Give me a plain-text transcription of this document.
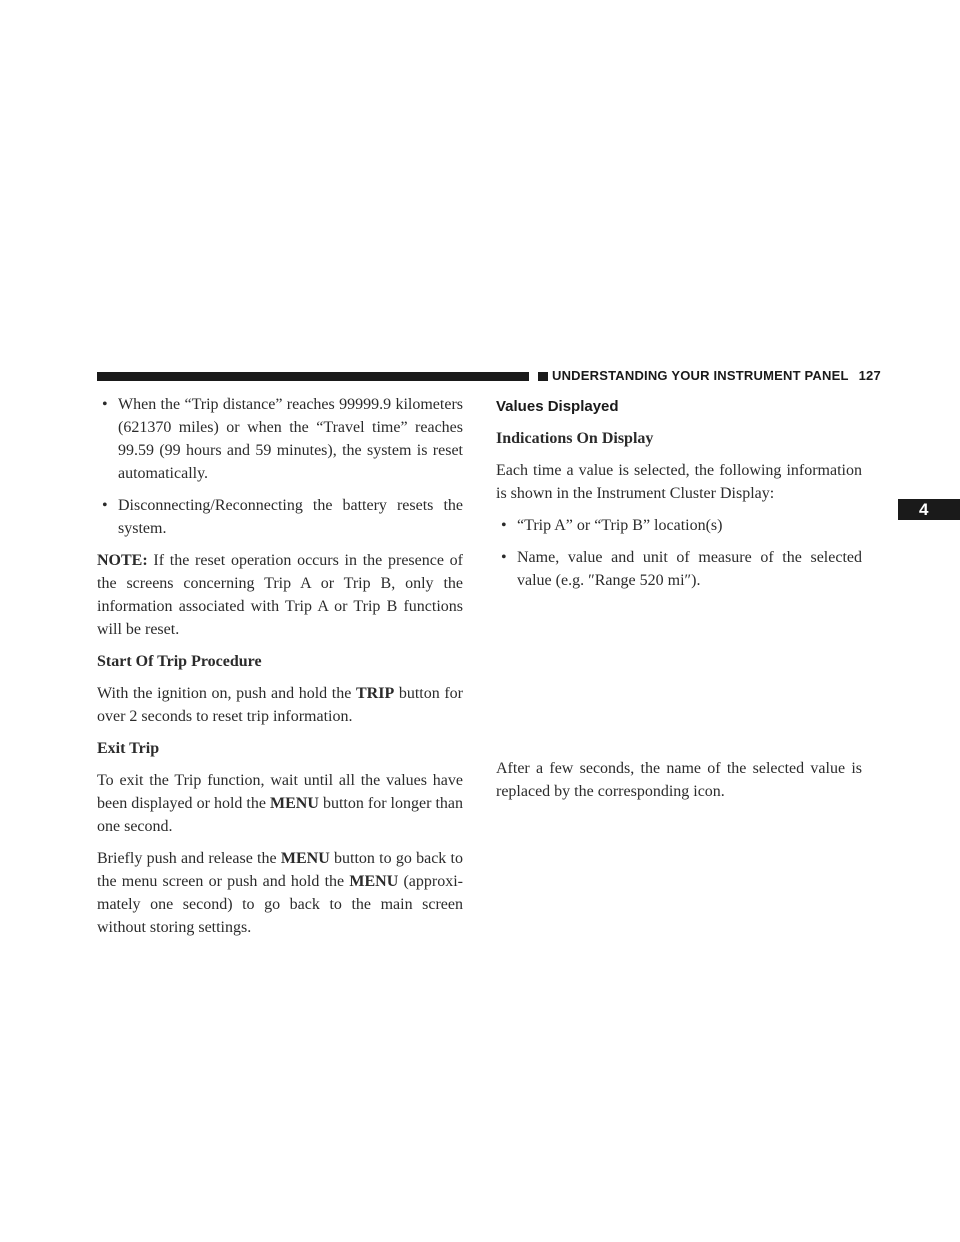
UNDERSTANDING YOUR INSTRUMENT PANEL 127
4
• When the “Trip distance” reaches 99999.9 kilometers (621370 miles) or when the “Travel time” reaches 99.59 (99 hours and 59 minutes), the system is reset automatically.
• Disconnecting/Reconnecting the battery resets the system.

NOTE: If the reset operation occurs in the presence of the screens concerning Trip A or Trip B, only the information associated with Trip A or Trip B functions will be reset.

Start Of Trip Procedure

With the ignition on, push and hold the TRIP button for over 2 seconds to reset trip information.

Exit Trip

To exit the Trip function, wait until all the values have been displayed or hold the MENU button for longer than one second.

Briefly push and release the MENU button to go back to the menu screen or push and hold the MENU (approxi-mately one second) to go back to the main screen without storing settings.

Values Displayed
Indications On Display

Each time a value is selected, the following information is shown in the Instrument Cluster Display:

• “Trip A” or “Trip B” location(s)
• Name, value and unit of measure of the selected value (e.g. ″Range 520 mi″).

After a few seconds, the name of the selected value is replaced by the corresponding icon.
